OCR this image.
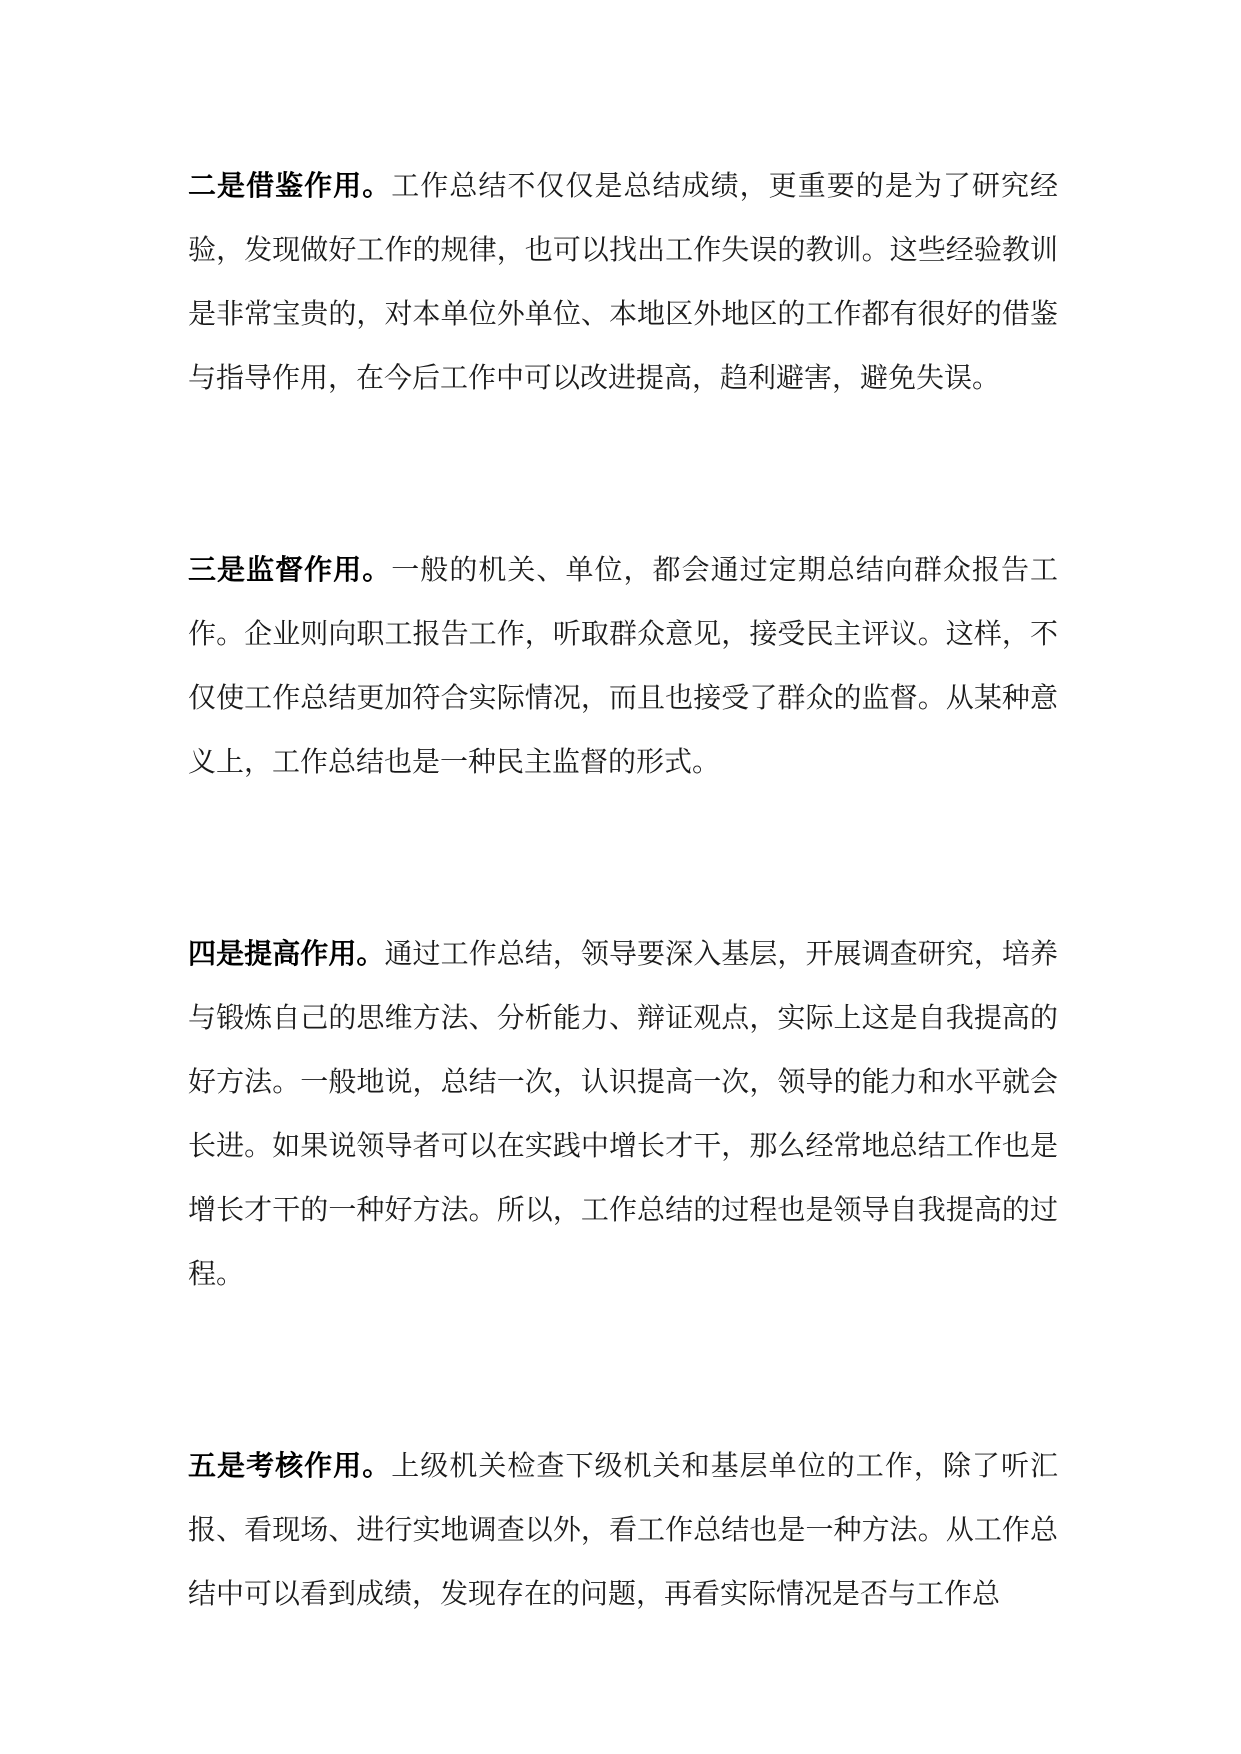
二是借鉴作用。工作总结不仅仅是总结成绩，更重要的是为了研究经验，发现做好工作的规律，也可以找出工作失误的教训。这些经验教训是非常宝贵的，对本单位外单位、本地区外地区的工作都有很好的借鉴与指导作用，在今后工作中可以改进提高，趋利避害，避免失误。

三是监督作用。一般的机关、单位，都会通过定期总结向群众报告工作。企业则向职工报告工作，听取群众意见，接受民主评议。这样，不仅使工作总结更加符合实际情况，而且也接受了群众的监督。从某种意义上，工作总结也是一种民主监督的形式。

四是提高作用。通过工作总结，领导要深入基层，开展调查研究，培养与锻炼自己的思维方法、分析能力、辩证观点，实际上这是自我提高的好方法。一般地说，总结一次，认识提高一次，领导的能力和水平就会长进。如果说领导者可以在实践中增长才干，那么经常地总结工作也是增长才干的一种好方法。所以，工作总结的过程也是领导自我提高的过程。

五是考核作用。上级机关检查下级机关和基层单位的工作，除了听汇报、看现场、进行实地调查以外，看工作总结也是一种方法。从工作总结中可以看到成绩，发现存在的问题，再看实际情况是否与工作总
